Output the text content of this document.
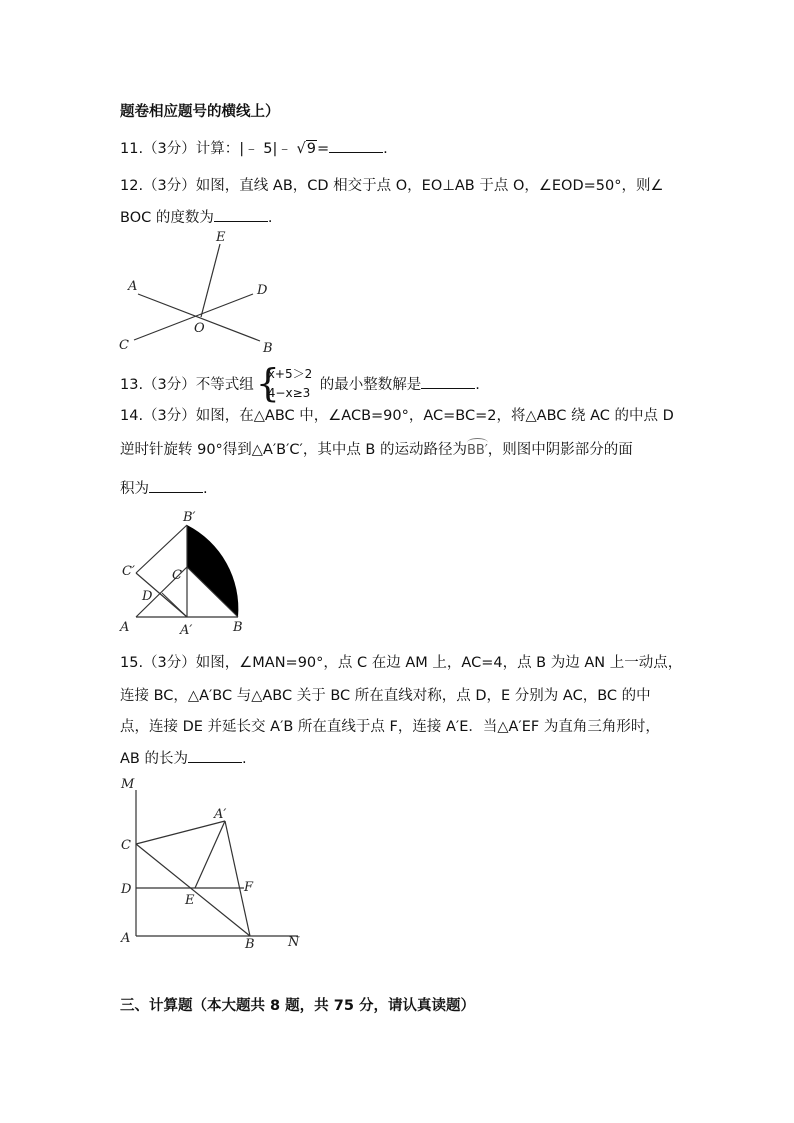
题卷相应题号的横线上）
11.（3分）计算：|﹣ 5|﹣ √9=	.
12.（3分）如图，直线 AB，CD 相交于点 O，EO⊥AB 于点 O，∠EOD=50°，则∠
BOC 的度数为	.
E
A	D
O
C	B
13.（3分）不等式组 {
x+5＞2
4−x≥3 的最小整数解是	.
14.（3分）如图，在△ABC 中，∠ACB=90°，AC=BC=2，将△ABC 绕 AC 的中点 D
逆时针旋转 90°得到△A′B′C′，其中点 B 的运动路径为BB′，则图中阴影部分的面
积为	.
B′
C′	C
D
A	A′	B
15.（3分）如图，∠MAN=90°，点 C 在边 AM 上，AC=4，点 B 为边 AN 上一动点，
连接 BC，△A′BC 与△ABC 关于 BC 所在直线对称，点 D，E 分别为 AC，BC 的中
点，连接 DE 并延长交 A′B 所在直线于点 F，连接 A′E．当△A′EF 为直角三角形时，
AB 的长为	.
M
A′
C
D	F
E
A	B	N
三、计算题（本大题共 8 题，共 75 分，请认真读题）
